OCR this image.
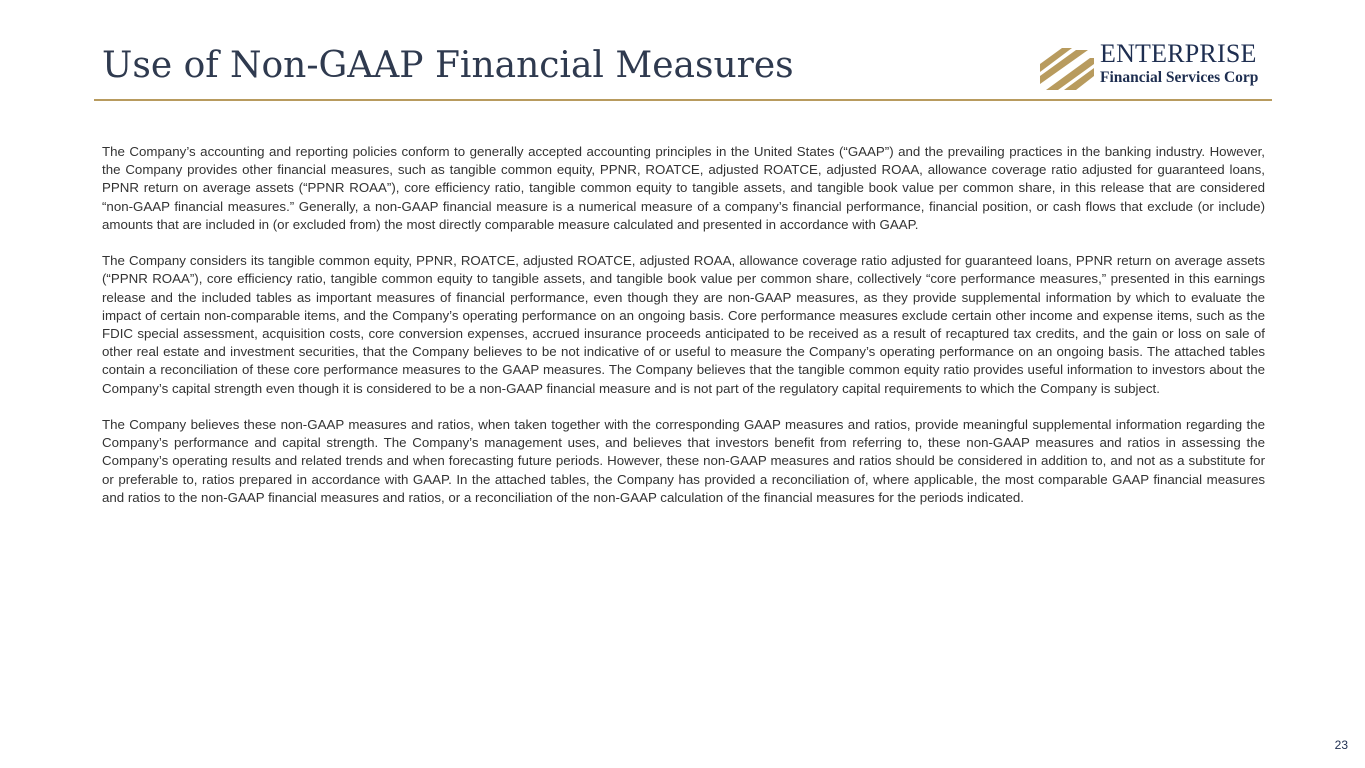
Use of Non-GAAP Financial Measures	ENTERPRISE
Financial Services Corp

The Company’s accounting and reporting policies conform to generally accepted accounting principles in the United States (“GAAP”) and the prevailing practices in the banking industry. However, the Company provides other financial measures, such as tangible common equity, PPNR, ROATCE, adjusted ROATCE, adjusted ROAA, allowance coverage ratio adjusted for guaranteed loans, PPNR return on average assets (“PPNR ROAA”), core efficiency ratio, tangible common equity to tangible assets, and tangible book value per common share, in this release that are considered “non-GAAP financial measures.” Generally, a non-GAAP financial measure is a numerical measure of a company’s financial performance, financial position, or cash flows that exclude (or include) amounts that are included in (or excluded from) the most directly comparable measure calculated and presented in accordance with GAAP.

The Company considers its tangible common equity, PPNR, ROATCE, adjusted ROATCE, adjusted ROAA, allowance coverage ratio adjusted for guaranteed loans, PPNR return on average assets (“PPNR ROAA”), core efficiency ratio, tangible common equity to tangible assets, and tangible book value per common share, collectively “core performance measures,” presented in this earnings release and the included tables as important measures of financial performance, even though they are non-GAAP measures, as they provide supplemental information by which to evaluate the impact of certain non-comparable items, and the Company’s operating performance on an ongoing basis. Core performance measures exclude certain other income and expense items, such as the FDIC special assessment, acquisition costs, core conversion expenses, accrued insurance proceeds anticipated to be received as a result of recaptured tax credits, and the gain or loss on sale of other real estate and investment securities, that the Company believes to be not indicative of or useful to measure the Company’s operating performance on an ongoing basis. The attached tables contain a reconciliation of these core performance measures to the GAAP measures. The Company believes that the tangible common equity ratio provides useful information to investors about the Company’s capital strength even though it is considered to be a non-GAAP financial measure and is not part of the regulatory capital requirements to which the Company is subject.

The Company believes these non-GAAP measures and ratios, when taken together with the corresponding GAAP measures and ratios, provide meaningful supplemental information regarding the Company’s performance and capital strength. The Company’s management uses, and believes that investors benefit from referring to, these non-GAAP measures and ratios in assessing the Company’s operating results and related trends and when forecasting future periods. However, these non-GAAP measures and ratios should be considered in addition to, and not as a substitute for or preferable to, ratios prepared in accordance with GAAP. In the attached tables, the Company has provided a reconciliation of, where applicable, the most comparable GAAP financial measures and ratios to the non-GAAP financial measures and ratios, or a reconciliation of the non-GAAP calculation of the financial measures for the periods indicated.

23
